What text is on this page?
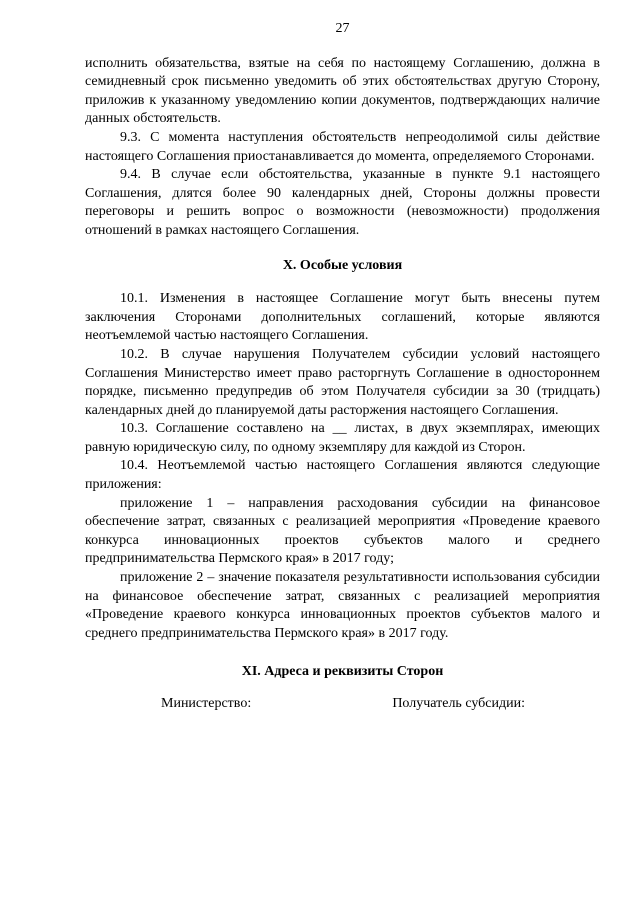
27

исполнить обязательства, взятые на себя по настоящему Соглашению, должна в семидневный срок письменно уведомить об этих обстоятельствах другую Сторону, приложив к указанному уведомлению копии документов, подтверждающих наличие данных обстоятельств.

9.3. С момента наступления обстоятельств непреодолимой силы действие настоящего Соглашения приостанавливается до момента, определяемого Сторонами.

9.4. В случае если обстоятельства, указанные в пункте 9.1 настоящего Соглашения, длятся более 90 календарных дней, Стороны должны провести переговоры и решить вопрос о возможности (невозможности) продолжения отношений в рамках настоящего Соглашения.

X. Особые условия

10.1. Изменения в настоящее Соглашение могут быть внесены путем заключения Сторонами дополнительных соглашений, которые являются неотъемлемой частью настоящего Соглашения.

10.2. В случае нарушения Получателем субсидии условий настоящего Соглашения Министерство имеет право расторгнуть Соглашение в одностороннем порядке, письменно предупредив об этом Получателя субсидии за 30 (тридцать) календарных дней до планируемой даты расторжения настоящего Соглашения.

10.3. Соглашение составлено на __ листах, в двух экземплярах, имеющих равную юридическую силу, по одному экземпляру для каждой из Сторон.

10.4. Неотъемлемой частью настоящего Соглашения являются следующие приложения:

приложение 1 – направления расходования субсидии на финансовое обеспечение затрат, связанных с реализацией мероприятия «Проведение краевого конкурса инновационных проектов субъектов малого и среднего предпринимательства Пермского края» в 2017 году;

приложение 2 – значение показателя результативности использования субсидии на финансовое обеспечение затрат, связанных с реализацией мероприятия «Проведение краевого конкурса инновационных проектов субъектов малого и среднего предпринимательства Пермского края» в 2017 году.

XI. Адреса и реквизиты Сторон
Министерство:	Получатель субсидии:
